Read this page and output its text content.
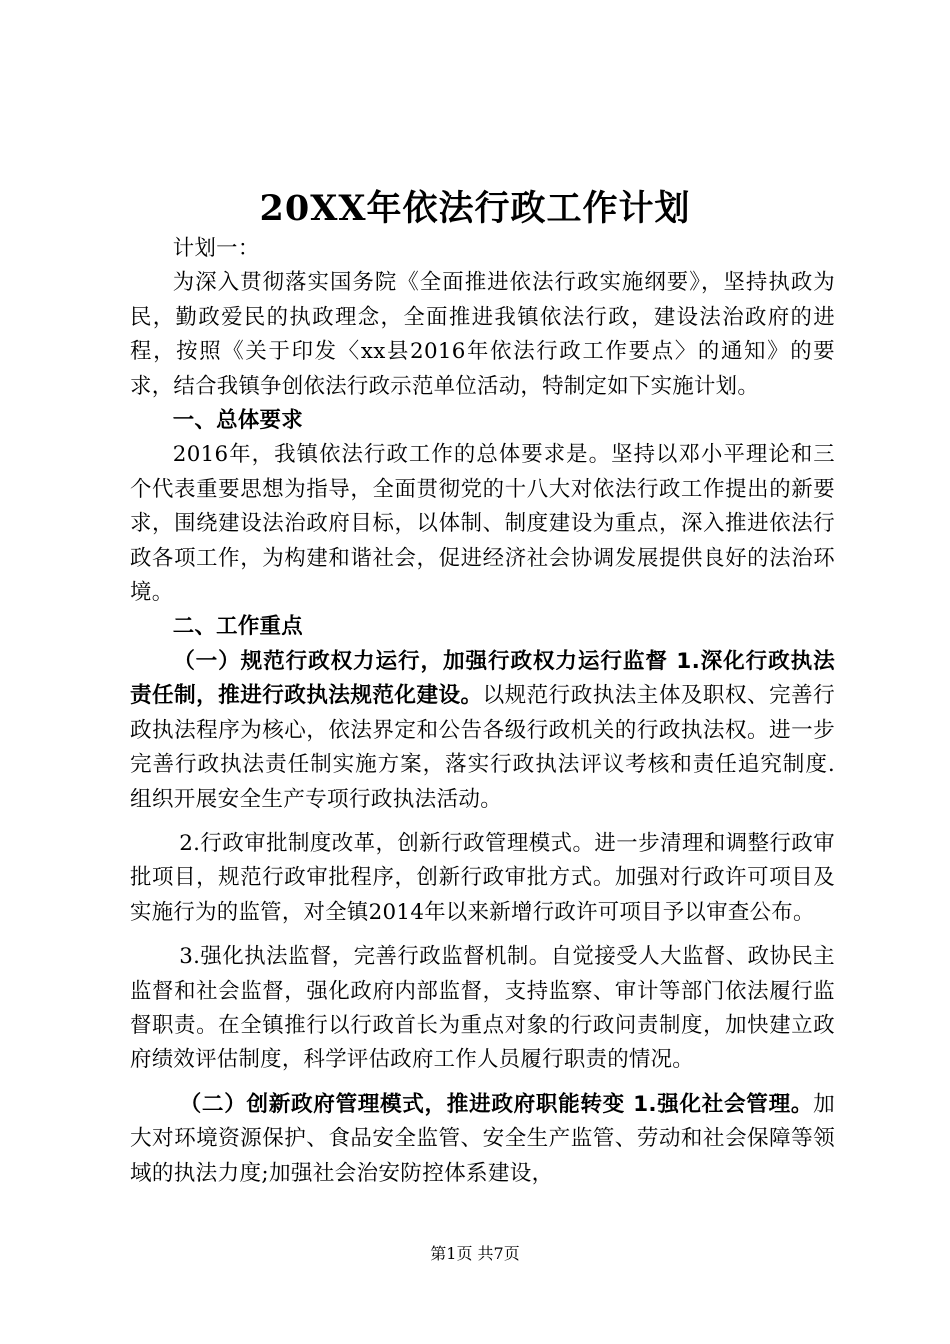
20XX年依法行政工作计划

计划一：

为深入贯彻落实国务院《全面推进依法行政实施纲要》，坚持执政为民，勤政爱民的执政理念，全面推进我镇依法行政，建设法治政府的进程，按照《关于印发〈xx县2016年依法行政工作要点〉的通知》的要求，结合我镇争创依法行政示范单位活动，特制定如下实施计划。

一、总体要求

2016年，我镇依法行政工作的总体要求是。坚持以邓小平理论和三个代表重要思想为指导，全面贯彻党的十八大对依法行政工作提出的新要求，围绕建设法治政府目标，以体制、制度建设为重点，深入推进依法行政各项工作，为构建和谐社会，促进经济社会协调发展提供良好的法治环境。

二、工作重点

（一）规范行政权力运行，加强行政权力运行监督 1.深化行政执法责任制，推进行政执法规范化建设。以规范行政执法主体及职权、完善行政执法程序为核心，依法界定和公告各级行政机关的行政执法权。进一步完善行政执法责任制实施方案，落实行政执法评议考核和责任追究制度.组织开展安全生产专项行政执法活动。

2.行政审批制度改革，创新行政管理模式。进一步清理和调整行政审批项目，规范行政审批程序，创新行政审批方式。加强对行政许可项目及实施行为的监管，对全镇2014年以来新增行政许可项目予以审查公布。

3.强化执法监督，完善行政监督机制。自觉接受人大监督、政协民主监督和社会监督，强化政府内部监督，支持监察、审计等部门依法履行监督职责。在全镇推行以行政首长为重点对象的行政问责制度，加快建立政府绩效评估制度，科学评估政府工作人员履行职责的情况。

（二）创新政府管理模式，推进政府职能转变 1.强化社会管理。加大对环境资源保护、食品安全监管、安全生产监管、劳动和社会保障等领域的执法力度;加强社会治安防控体系建设，

第1页 共7页
